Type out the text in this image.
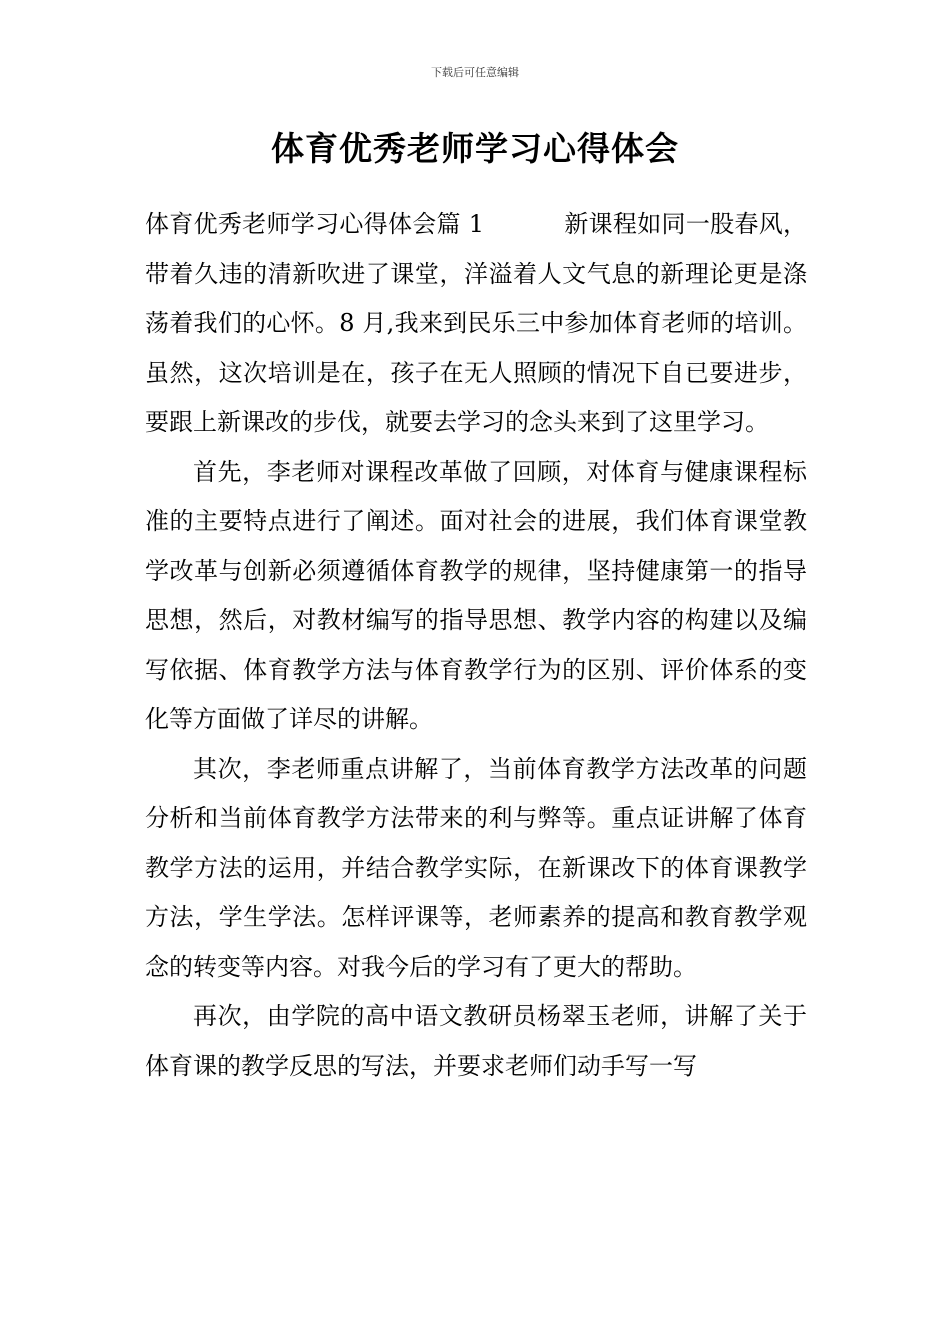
下载后可任意编辑
体育优秀老师学习心得体会

体育优秀老师学习心得体会篇 1	新课程如同一股春风，带着久违的清新吹进了课堂，洋溢着人文气息的新理论更是涤荡着我们的心怀。8 月,我来到民乐三中参加体育老师的培训。虽然，这次培训是在，孩子在无人照顾的情况下自已要进步，要跟上新课改的步伐，就要去学习的念头来到了这里学习。

首先，李老师对课程改革做了回顾，对体育与健康课程标准的主要特点进行了阐述。面对社会的进展，我们体育课堂教学改革与创新必须遵循体育教学的规律，坚持健康第一的指导思想，然后，对教材编写的指导思想、教学内容的构建以及编写依据、体育教学方法与体育教学行为的区别、评价体系的变化等方面做了详尽的讲解。

其次，李老师重点讲解了，当前体育教学方法改革的问题分析和当前体育教学方法带来的利与弊等。重点证讲解了体育教学方法的运用，并结合教学实际，在新课改下的体育课教学方法，学生学法。怎样评课等，老师素养的提高和教育教学观念的转变等内容。对我今后的学习有了更大的帮助。

再次，由学院的高中语文教研员杨翠玉老师，讲解了关于体育课的教学反思的写法，并要求老师们动手写一写
